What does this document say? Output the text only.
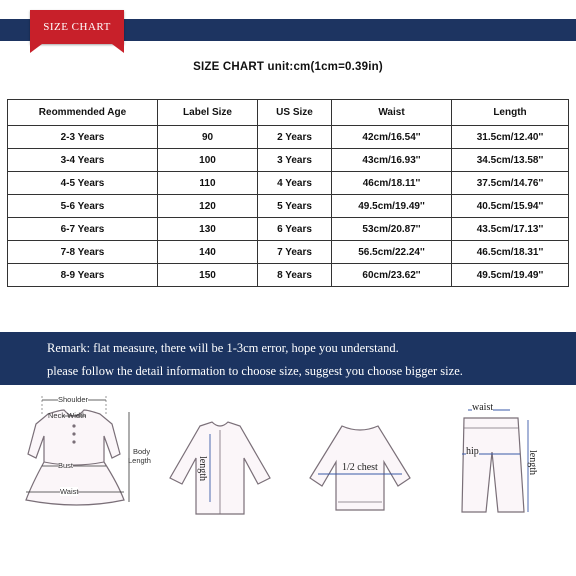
SIZE CHART
SIZE CHART unit:cm(1cm=0.39in)
Reommended Age	Label Size	US Size	Waist	Length
2-3 Years	90	2 Years	42cm/16.54''	31.5cm/12.40''
3-4 Years	100	3 Years	43cm/16.93''	34.5cm/13.58''
4-5 Years	110	4 Years	46cm/18.11''	37.5cm/14.76''
5-6 Years	120	5 Years	49.5cm/19.49''	40.5cm/15.94''
6-7 Years	130	6 Years	53cm/20.87''	43.5cm/17.13''
7-8 Years	140	7 Years	56.5cm/22.24''	46.5cm/18.31''
8-9 Years	150	8 Years	60cm/23.62''	49.5cm/19.49''
Remark: flat measure, there will be 1-3cm error, hope you understand.
please follow the detail information to choose size, suggest you choose bigger size.
Shoulder
Neck Width
Bust
Waist
Body
Length	length	1/2 chest
waist
hip	length
